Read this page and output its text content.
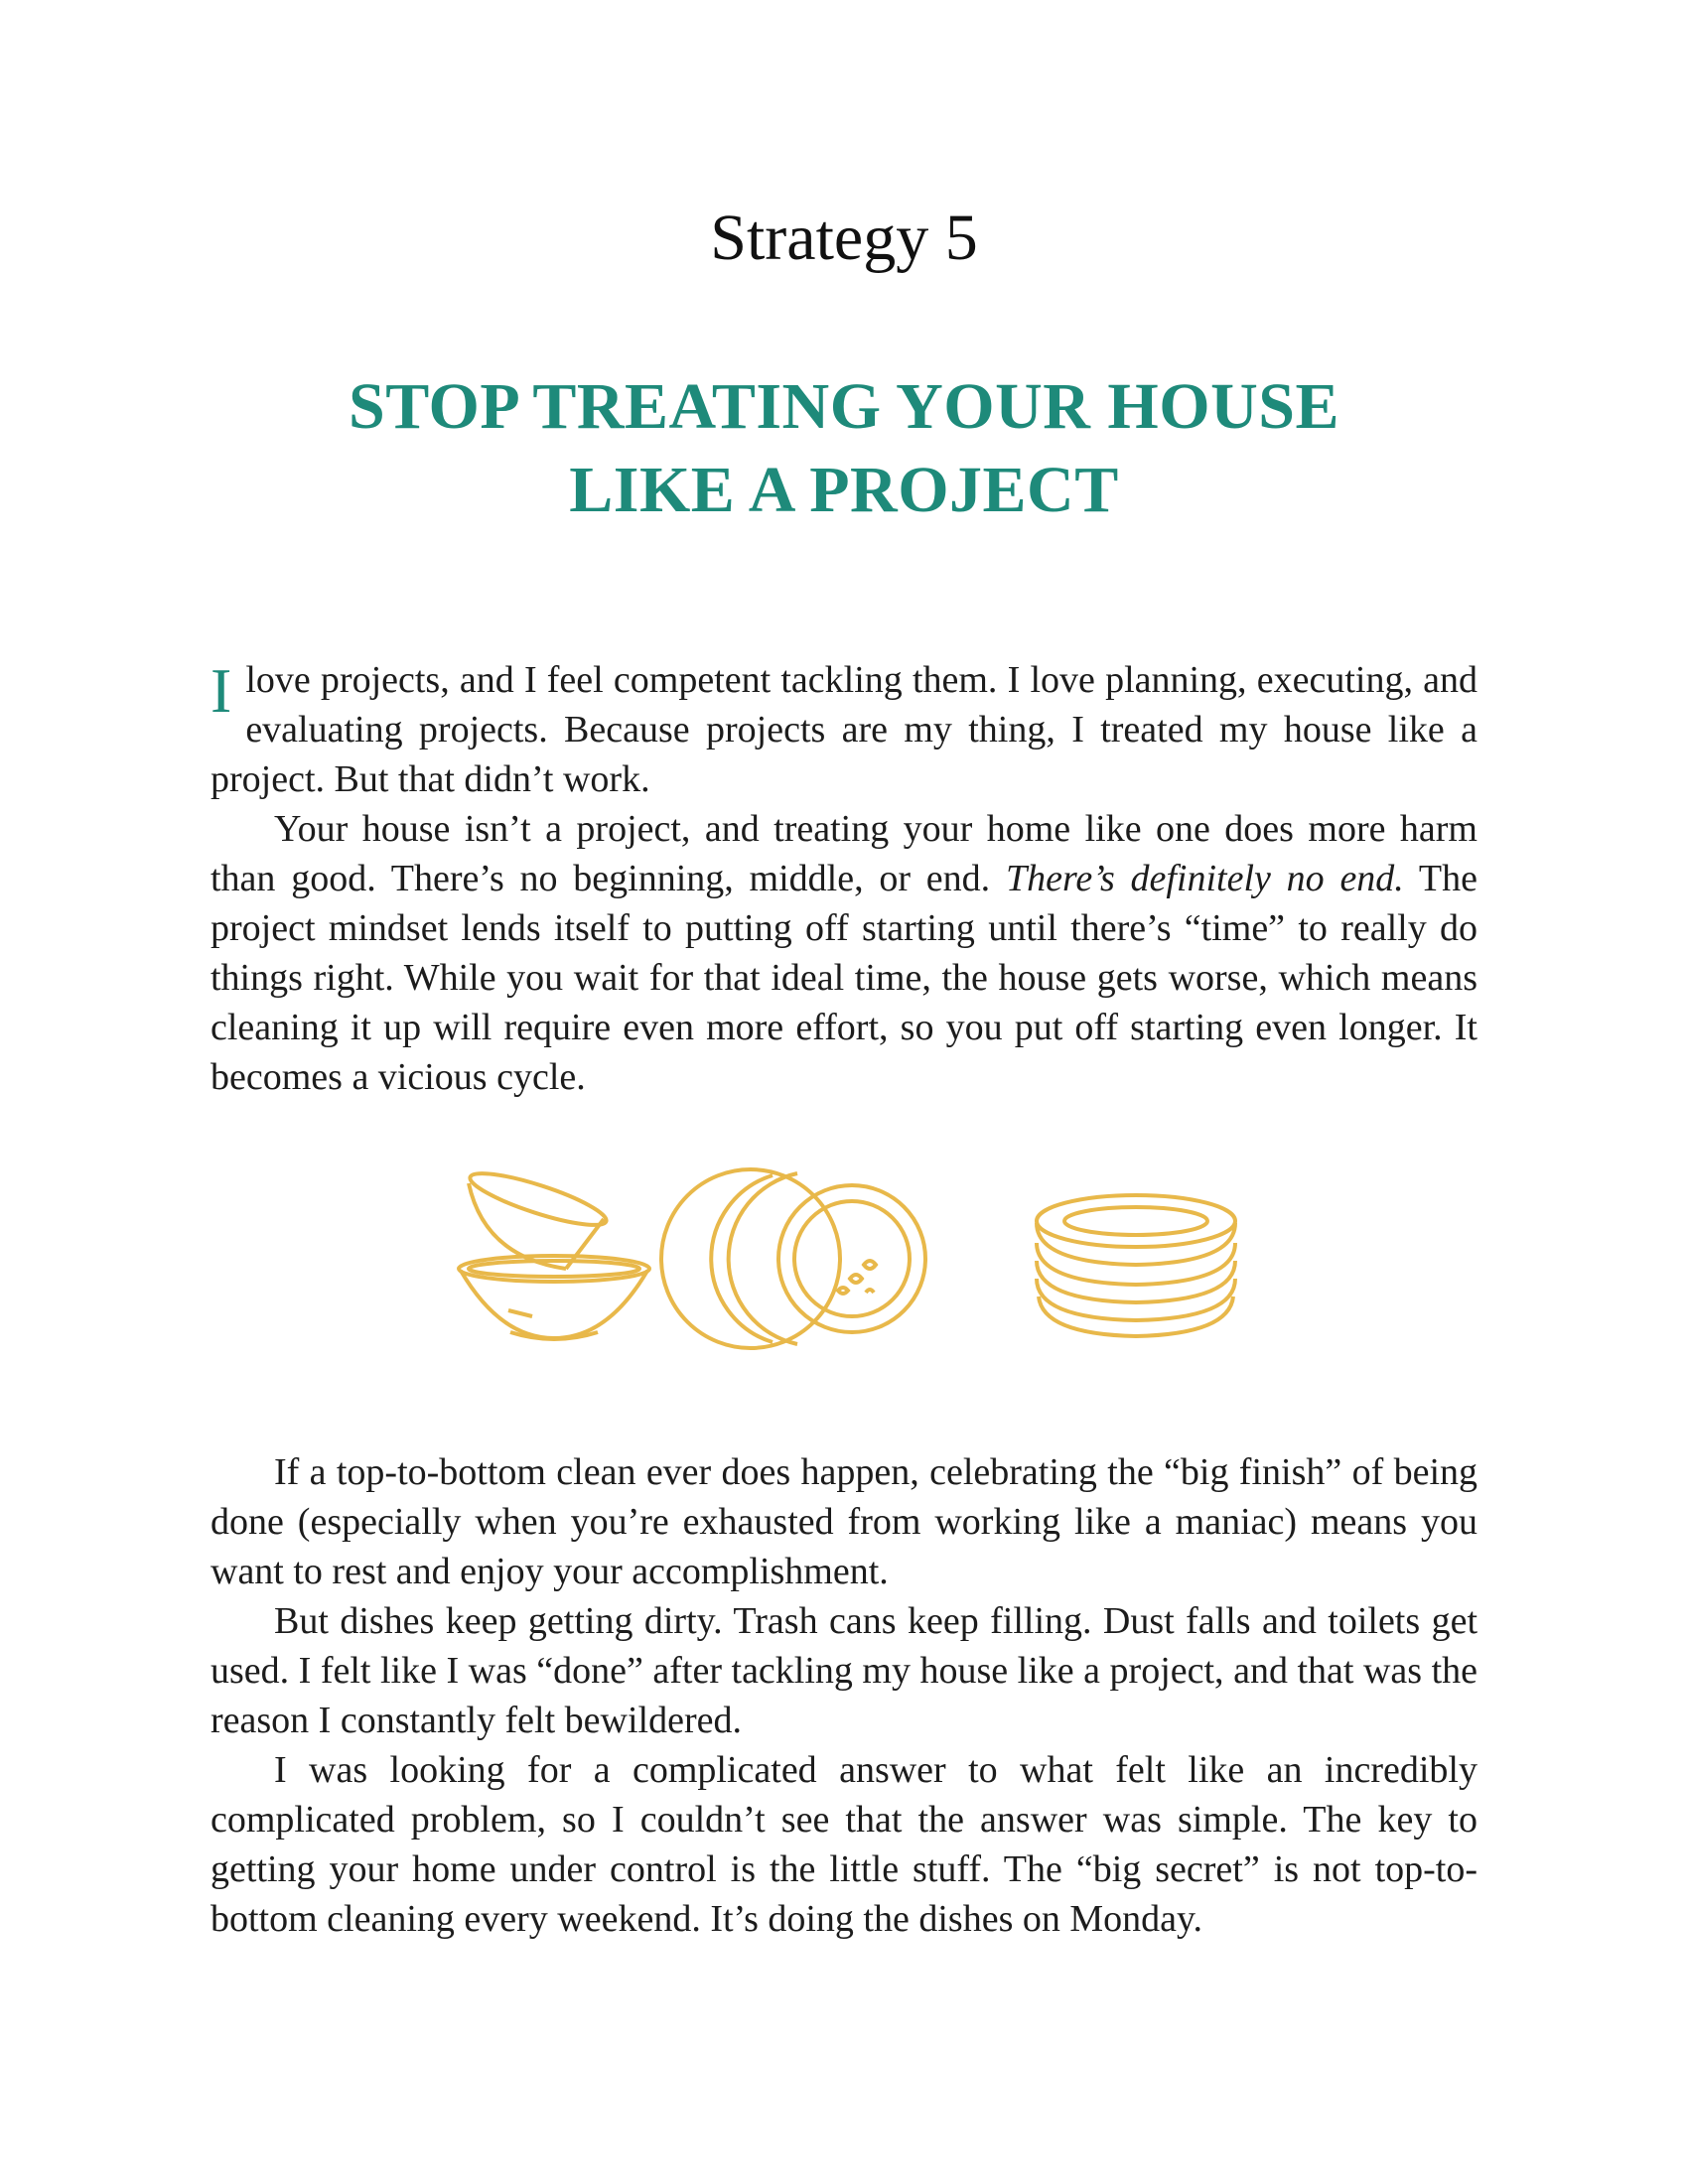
Strategy 5
STOP TREATING YOUR HOUSE
LIKE A PROJECT

I love projects, and I feel competent tackling them. I love planning, executing, and evaluating projects. Because projects are my thing, I treated my house like a project. But that didn’t work.

Your house isn’t a project, and treating your home like one does more harm than good. There’s no beginning, middle, or end. There’s definitely no end. The project mindset lends itself to putting off starting until there’s “time” to really do things right. While you wait for that ideal time, the house gets worse, which means cleaning it up will require even more effort, so you put off starting even longer. It becomes a vicious cycle.

If a top-to-bottom clean ever does happen, celebrating the “big finish” of being done (especially when you’re exhausted from working like a maniac) means you want to rest and enjoy your accomplishment.

But dishes keep getting dirty. Trash cans keep filling. Dust falls and toilets get used. I felt like I was “done” after tackling my house like a project, and that was the reason I constantly felt bewildered.

I was looking for a complicated answer to what felt like an incredibly complicated problem, so I couldn’t see that the answer was simple. The key to getting your home under control is the little stuff. The “big secret” is not top-to-bottom cleaning every weekend. It’s doing the dishes on Monday.
